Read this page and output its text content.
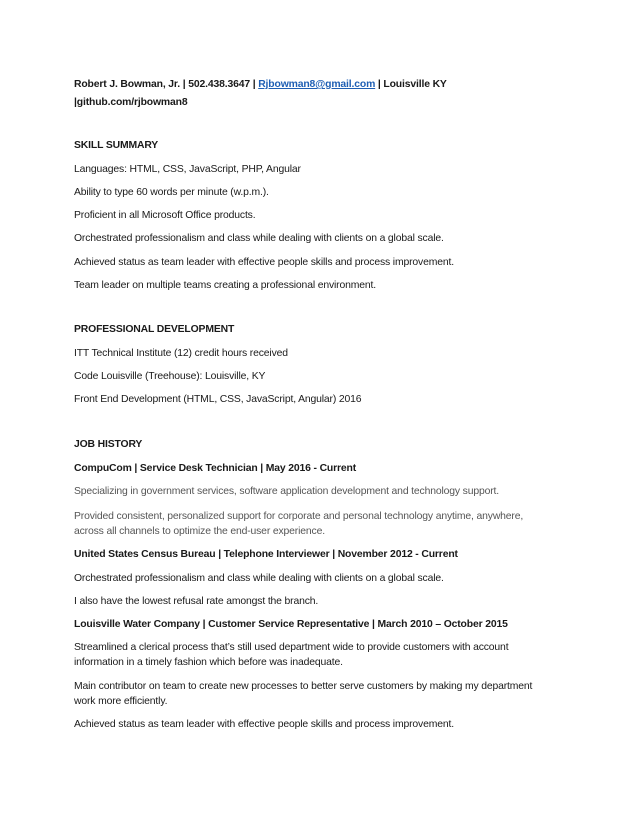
Robert J. Bowman, Jr. | 502.438.3647 | Rjbowman8@gmail.com | Louisville KY

|github.com/rjbowman8

SKILL SUMMARY

Languages: HTML, CSS, JavaScript, PHP, Angular

Ability to type 60 words per minute (w.p.m.).

Proficient in all Microsoft Office products.

Orchestrated professionalism and class while dealing with clients on a global scale.

Achieved status as team leader with effective people skills and process improvement.

Team leader on multiple teams creating a professional environment.

PROFESSIONAL DEVELOPMENT

ITT Technical Institute (12) credit hours received

Code Louisville (Treehouse): Louisville, KY

Front End Development (HTML, CSS, JavaScript, Angular) 2016

JOB HISTORY

CompuCom | Service Desk Technician | May 2016 - Current

Specializing in government services, software application development and technology support.

Provided consistent, personalized support for corporate and personal technology anytime, anywhere,

across all channels to optimize the end-user experience.

United States Census Bureau | Telephone Interviewer | November 2012 - Current

Orchestrated professionalism and class while dealing with clients on a global scale.

I also have the lowest refusal rate amongst the branch.

Louisville Water Company | Customer Service Representative | March 2010 – October 2015

Streamlined a clerical process that’s still used department wide to provide customers with account

information in a timely fashion which before was inadequate.

Main contributor on team to create new processes to better serve customers by making my department

work more efficiently.

Achieved status as team leader with effective people skills and process improvement.
